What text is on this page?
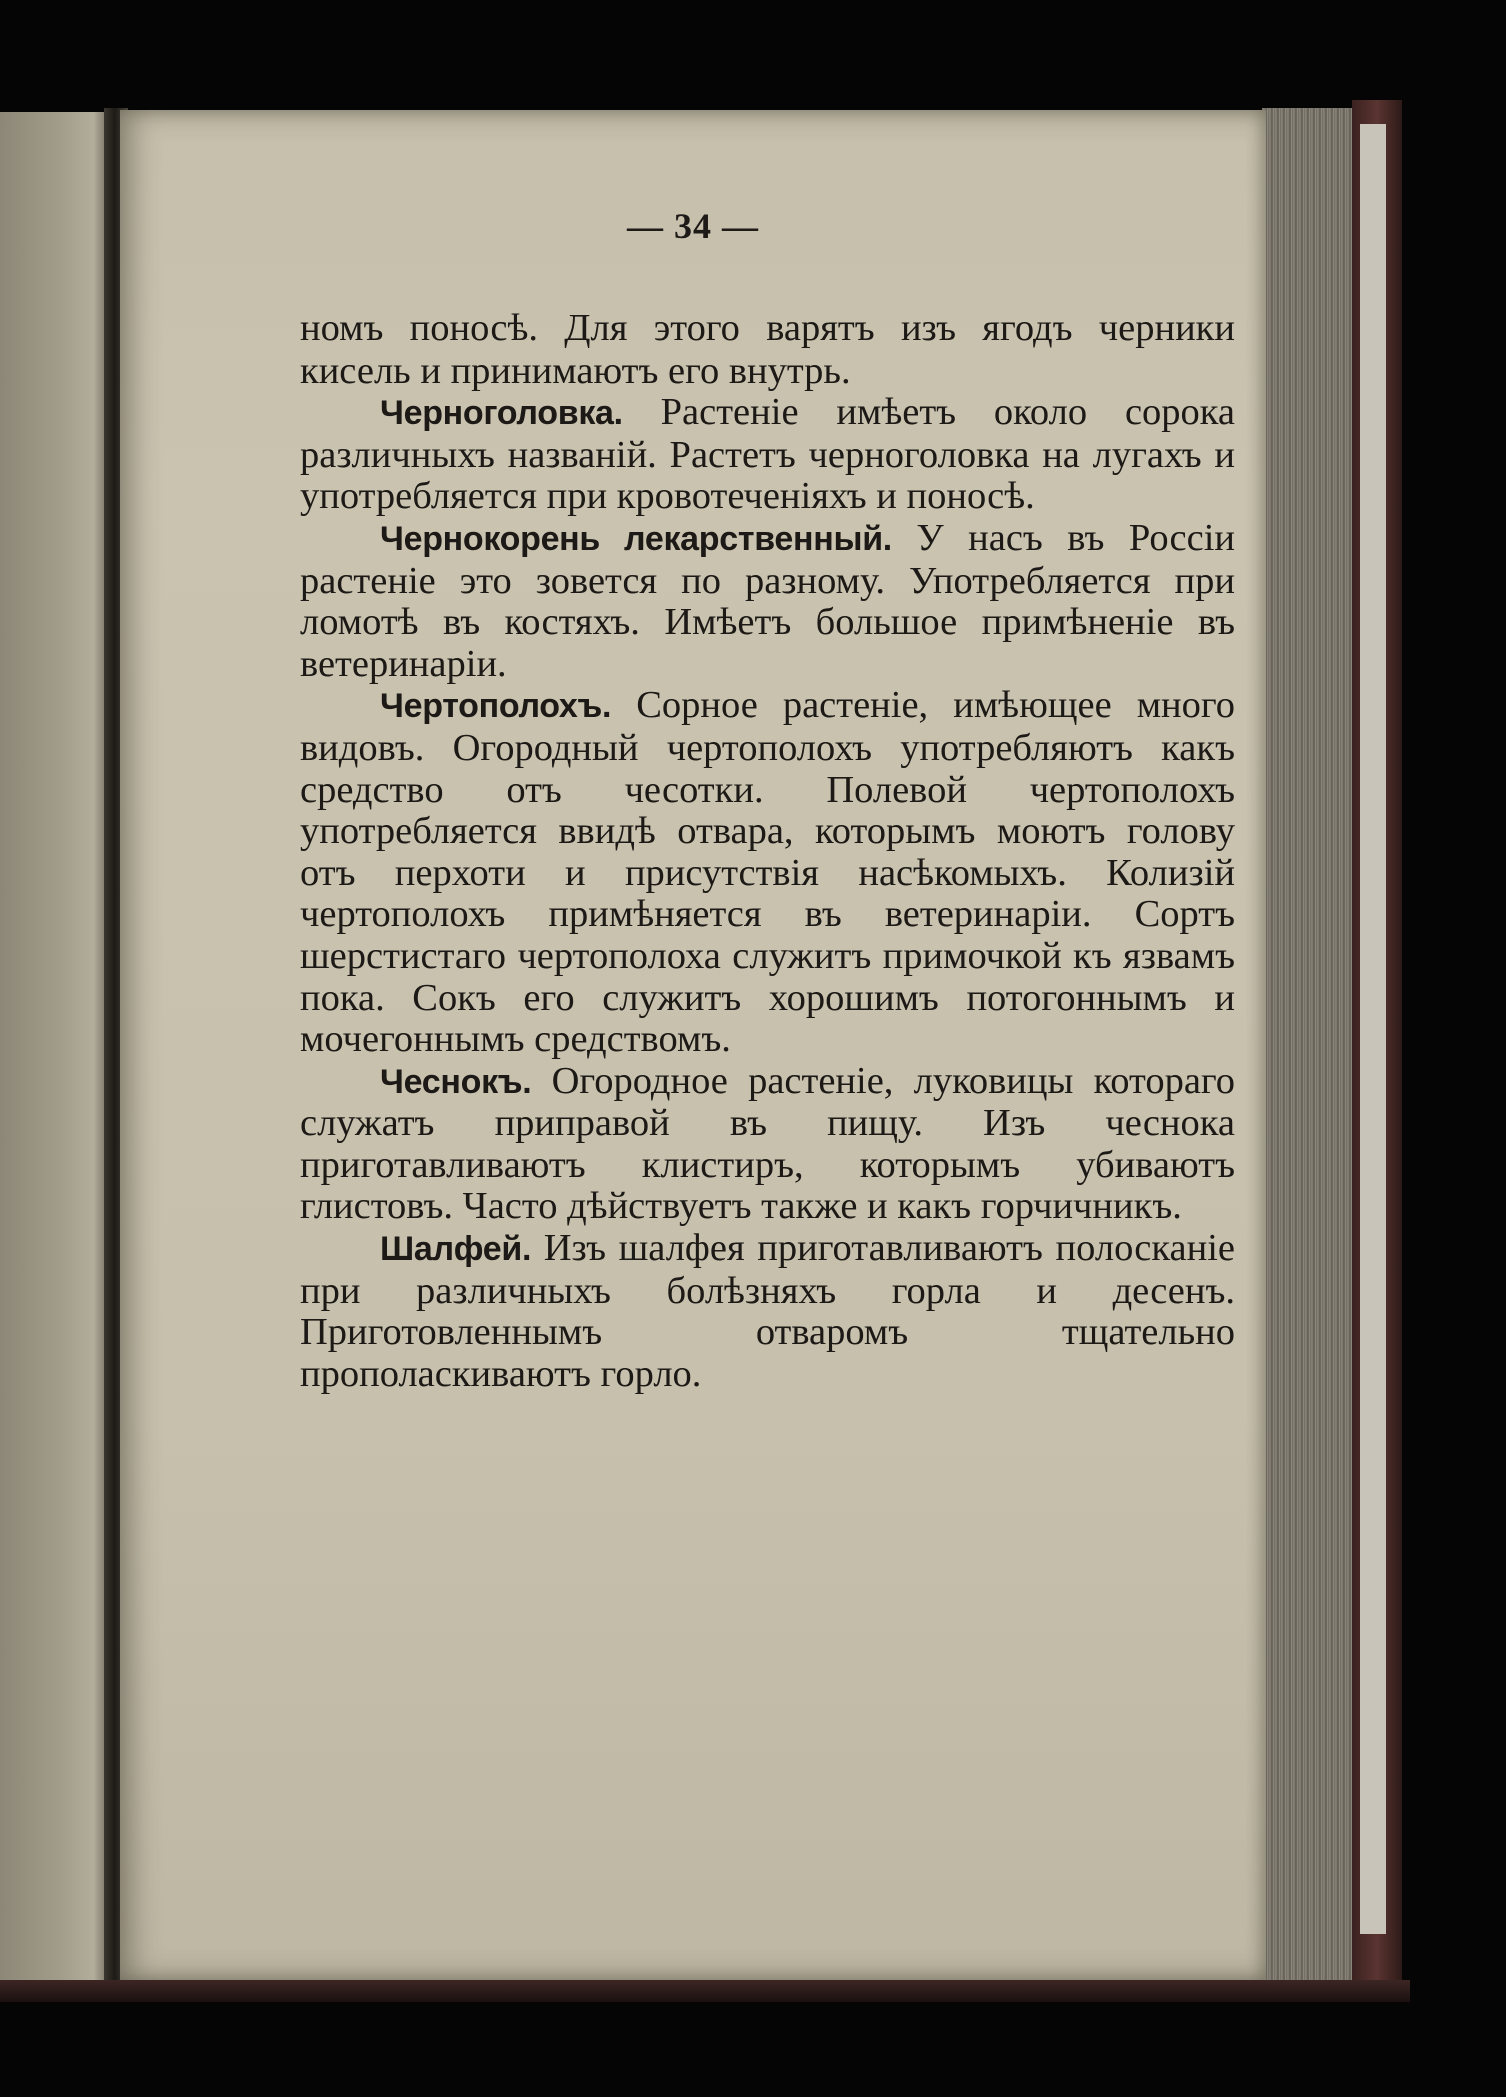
— 34 —

номъ поносѣ. Для этого варятъ изъ ягодъ черники кисель и принимаютъ его внутрь.

Черноголовка. Растеніе имѣетъ около сорока различныхъ названій. Растетъ черноголовка на лугахъ и употребляется при кровотеченіяхъ и поносѣ.

Чернокорень лекарственный. У насъ въ Россіи растеніе это зовется по разному. Употребляется при ломотѣ въ костяхъ. Имѣетъ большое примѣненіе въ ветеринаріи.

Чертополохъ. Сорное растеніе, имѣющее много видовъ. Огородный чертополохъ употребляютъ какъ средство отъ чесотки. Полевой чертополохъ употребляется ввидѣ отвара, которымъ моютъ голову отъ перхоти и присутствія насѣкомыхъ. Колизій чертополохъ примѣняется въ ветеринаріи. Сортъ шерстистаго чертополоха служитъ примочкой къ язвамъ пока. Сокъ его служитъ хорошимъ потогоннымъ и мочегоннымъ средствомъ.

Чеснокъ. Огородное растеніе, луковицы котораго служатъ приправой въ пищу. Изъ чеснока приготавливаютъ клистиръ, которымъ убиваютъ глистовъ. Часто дѣйствуетъ также и какъ горчичникъ.

Шалфей. Изъ шалфея приготавливаютъ полосканіе при различныхъ болѣзняхъ горла и десенъ. Приготовленнымъ отваромъ тщательно прополаскиваютъ горло.
